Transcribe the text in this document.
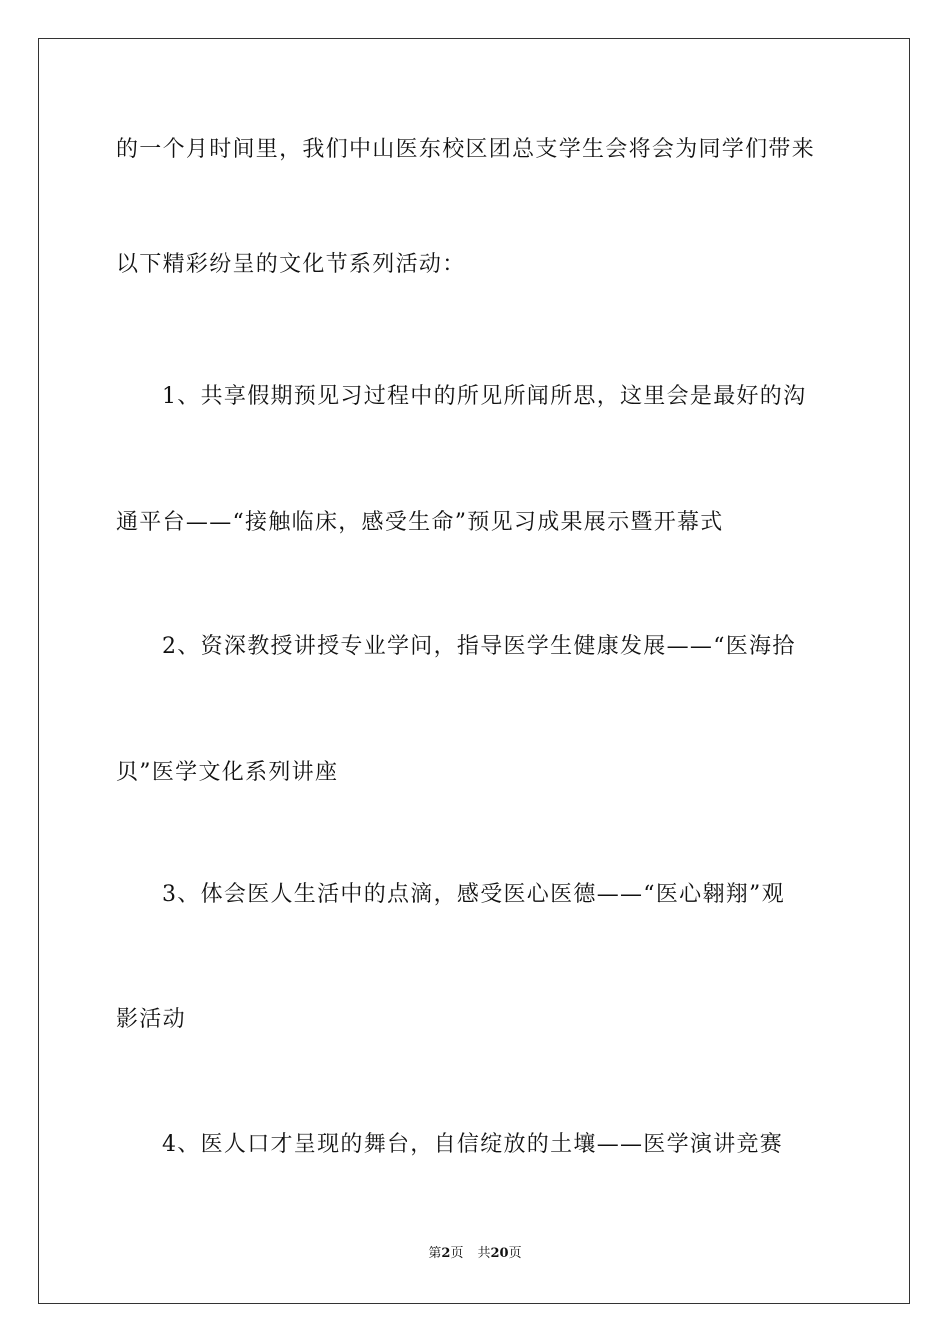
的一个月时间里，我们中山医东校区团总支学生会将会为同学们带来

以下精彩纷呈的文化节系列活动：

1、共享假期预见习过程中的所见所闻所思，这里会是最好的沟

通平台——“接触临床，感受生命”预见习成果展示暨开幕式

2、资深教授讲授专业学问，指导医学生健康发展——“医海拾

贝”医学文化系列讲座

3、体会医人生活中的点滴，感受医心医德——“医心翱翔”观

影活动

4、医人口才呈现的舞台，自信绽放的土壤——医学演讲竞赛

第2页 共20页
